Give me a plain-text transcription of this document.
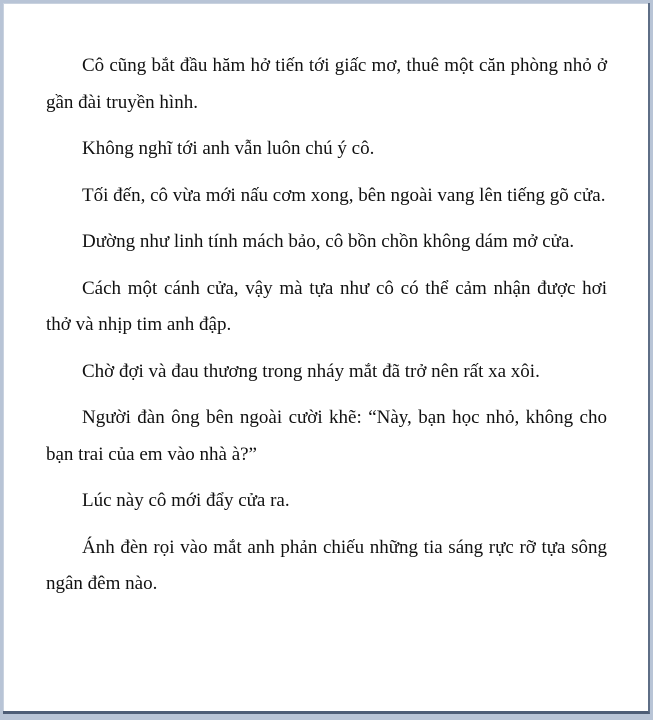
Cô cũng bắt đầu hăm hở tiến tới giấc mơ, thuê một căn phòng nhỏ ở gần đài truyền hình.

Không nghĩ tới anh vẫn luôn chú ý cô.

Tối đến, cô vừa mới nấu cơm xong, bên ngoài vang lên tiếng gõ cửa.

Dường như linh tính mách bảo, cô bồn chồn không dám mở cửa.

Cách một cánh cửa, vậy mà tựa như cô có thể cảm nhận được hơi thở và nhịp tim anh đập.

Chờ đợi và đau thương trong nháy mắt đã trở nên rất xa xôi.

Người đàn ông bên ngoài cười khẽ: “Này, bạn học nhỏ, không cho bạn trai của em vào nhà à?”

Lúc này cô mới đẩy cửa ra.

Ánh đèn rọi vào mắt anh phản chiếu những tia sáng rực rỡ tựa sông ngân đêm nào.
